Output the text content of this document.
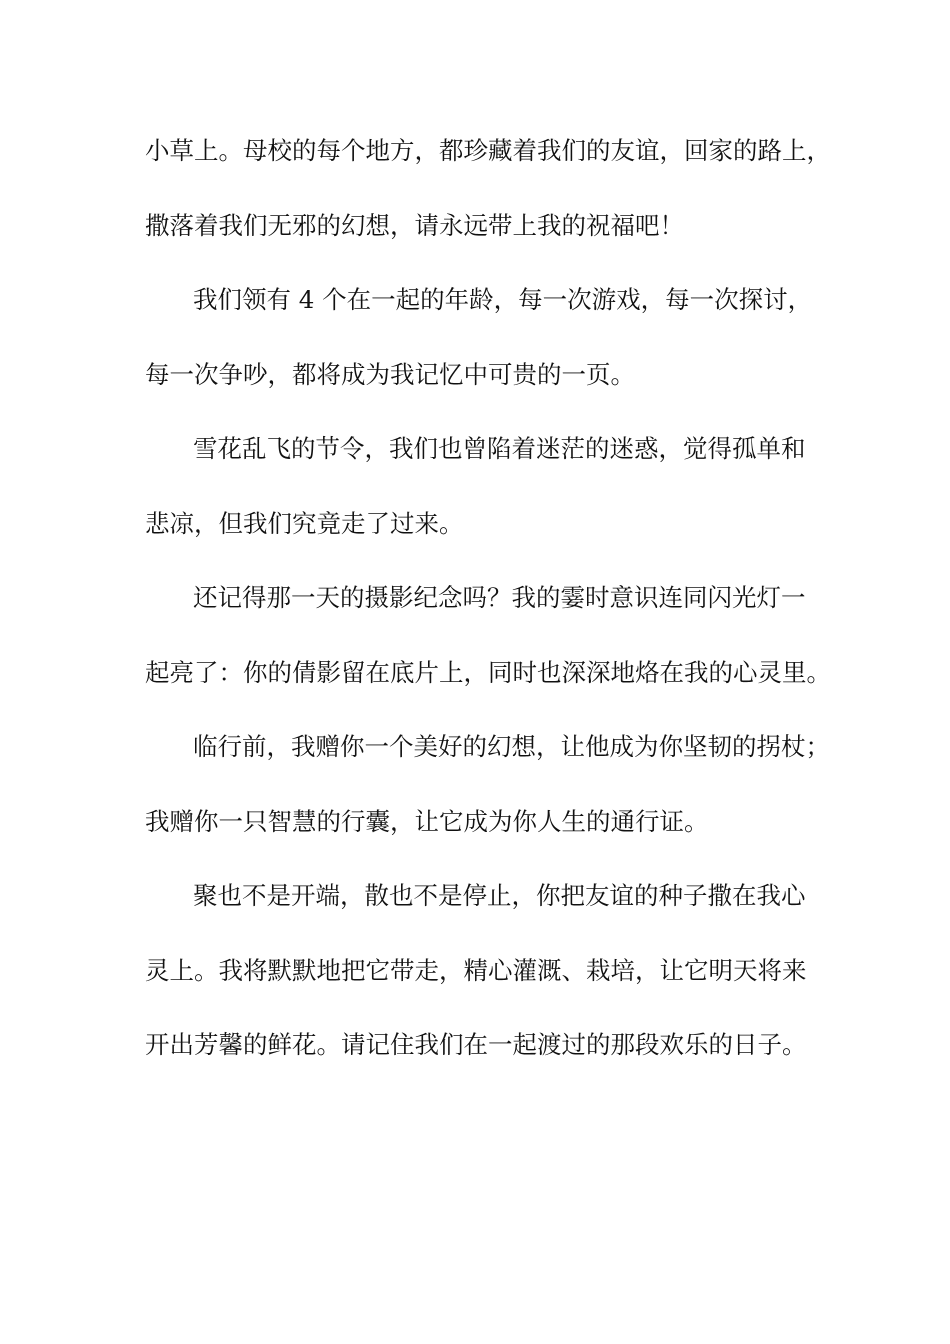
小草上。母校的每个地方，都珍藏着我们的友谊，回家的路上，
撒落着我们无邪的幻想，请永远带上我的祝福吧！
我们领有 4 个在一起的年龄，每一次游戏，每一次探讨，
每一次争吵，都将成为我记忆中可贵的一页。
雪花乱飞的节令，我们也曾陷着迷茫的迷惑，觉得孤单和
悲凉，但我们究竟走了过来。
还记得那一天的摄影纪念吗？我的霎时意识连同闪光灯一
起亮了：你的倩影留在底片上，同时也深深地烙在我的心灵里。
临行前，我赠你一个美好的幻想，让他成为你坚韧的拐杖；
我赠你一只智慧的行囊，让它成为你人生的通行证。
聚也不是开端，散也不是停止，你把友谊的种子撒在我心
灵上。我将默默地把它带走，精心灌溉、栽培，让它明天将来
开出芳馨的鲜花。请记住我们在一起渡过的那段欢乐的日子。
